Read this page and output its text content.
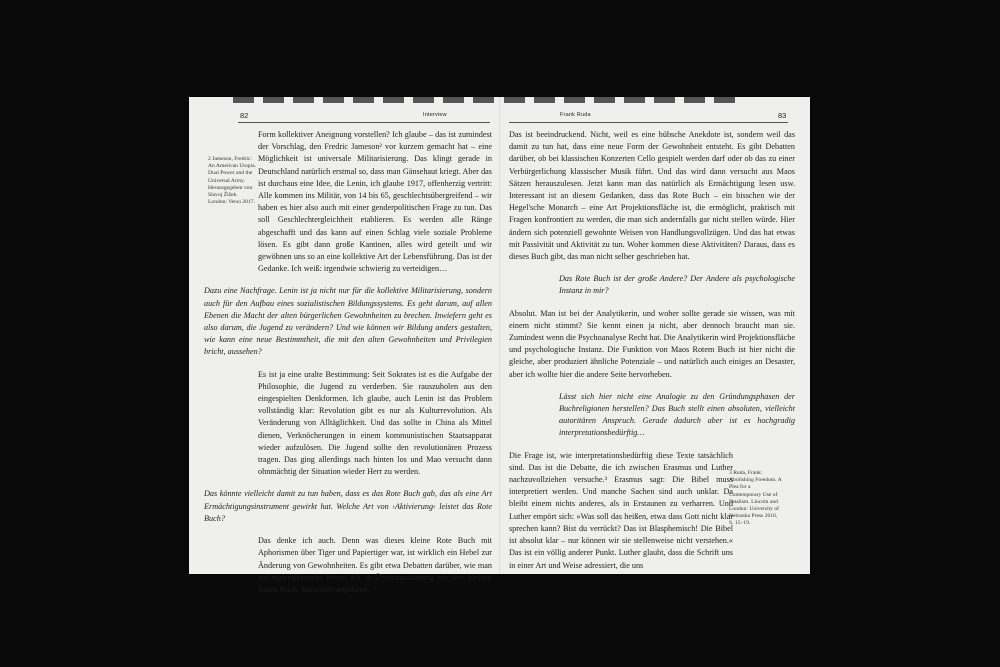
82	Interview
2 Jameson, Fredric: An American Utopia. Dual Power and the Universal Army. Herausgegeben von Slavoj Žižek. London: Verso 2017.

Form kollektiver Aneignung vorstellen? Ich glaube – das ist zumindest der Vorschlag, den Fredric Jameson² vor kurzem gemacht hat – eine Möglichkeit ist universale Militarisierung. Das klingt gerade in Deutschland natürlich erstmal so, dass man Gänsehaut kriegt. Aber das ist durchaus eine Idee, die Lenin, ich glaube 1917, offenherzig vertritt: Alle kommen ins Militär, von 14 bis 65, geschlechtsübergreifend – wir haben es hier also auch mit einer genderpolitischen Frage zu tun. Das soll Geschlechtergleichheit etablieren. Es werden alle Ränge abgeschafft und das kann auf einen Schlag viele soziale Probleme lösen. Es gibt dann große Kantinen, alles wird geteilt und wir gewöhnen uns so an eine kollektive Art der Lebensführung. Das ist der Gedanke. Ich weiß: irgendwie schwierig zu verteidigen…

Dazu eine Nachfrage. Lenin ist ja nicht nur für die kollektive Militarisierung, sondern auch für den Aufbau eines sozialistischen Bildungssystems. Es geht darum, auf allen Ebenen die Macht der alten bürgerlichen Gewohnheiten zu brechen. Inwiefern geht es also darum, die Jugend zu verändern? Und wie können wir Bildung anders gestalten, wie kann eine neue Bestimmtheit, die mit den alten Gewohnheiten und Privilegien bricht, aussehen?

Es ist ja eine uralte Bestimmung: Seit Sokrates ist es die Aufgabe der Philosophie, die Jugend zu verderben. Sie rauszuholen aus den eingespielten Denkformen. Ich glaube, auch Lenin ist das Problem vollständig klar: Revolution gibt es nur als Kulturrevolution. Als Veränderung von Alltäglichkeit. Und das sollte in China als Mittel dienen, Verknöcherungen in einem kommunistischen Staatsapparat wieder aufzulösen. Die Jugend sollte den revolutionären Prozess tragen. Das ging allerdings nach hinten los und Mao versucht dann ohnmächtig der Situation wieder Herr zu werden.

Das könnte vielleicht damit zu tun haben, dass es das Rote Buch gab, das als eine Art Ermächtigungsinstrument gewirkt hat. Welche Art von ›Aktivierung‹ leistet das Rote Buch?

Das denke ich auch. Denn was dieses kleine Rote Buch mit Aphorismen über Tiger und Papiertiger war, ist wirklich ein Hebel zur Änderung von Gewohnheiten. Es gibt etwa Debatten darüber, wie man auf materialistische Weise, d.h. in Übereinstimmung mit dem kleinen Roten Buch, Kartoffeln anpflanzt.

83
Frank Ruda
3 Ruda, Frank: Abolishing Freedom. A Plea for a Contemporary Use of Fatalism. Lincoln and London: University of Nebraska Press 2016, S. 15–19.

Das ist beeindruckend. Nicht, weil es eine hübsche Anekdote ist, sondern weil das damit zu tun hat, dass eine neue Form der Gewohnheit entsteht. Es gibt Debatten darüber, ob bei klassischen Konzerten Cello gespielt werden darf oder ob das zu einer Verbürgerlichung klassischer Musik führt. Und das wird dann versucht aus Maos Sätzen herauszulesen. Jetzt kann man das natürlich als Ermächtigung lesen usw. Interessant ist an diesem Gedanken, dass das Rote Buch – ein bisschen wie der Hegel'sche Monarch – eine Art Projektionsfläche ist, die ermöglicht, praktisch mit Fragen konfrontiert zu werden, die man sich andernfalls gar nicht stellen würde. Hier ändern sich potenziell gewohnte Weisen von Handlungsvollzügen. Und das hat etwas mit Passivität und Aktivität zu tun. Woher kommen diese Aktivitäten? Daraus, dass es dieses Buch gibt, das man nicht selber geschrieben hat.

Das Rote Buch ist der große Andere? Der Andere als psychologische Instanz in mir?

Absolut. Man ist bei der Analytikerin, und woher sollte gerade sie wissen, was mit einem nicht stimmt? Sie kennt einen ja nicht, aber dennoch braucht man sie. Zumindest wenn die Psychoanalyse Recht hat. Die Analytikerin wird Projektionsfläche und psychologische Instanz. Die Funktion von Maos Rotem Buch ist hier nicht die gleiche, aber produziert ähnliche Potenziale – und natürlich auch einiges an Desaster, aber ich wollte hier die andere Seite hervorheben.

Lässt sich hier nicht eine Analogie zu den Gründungsphasen der Buchreligionen herstellen? Das Buch stellt einen absoluten, vielleicht autoritären Anspruch. Gerade dadurch aber ist es hochgradig interpretationsbedürftig…

Die Frage ist, wie interpretationsbedürftig diese Texte tatsächlich sind. Das ist die Debatte, die ich zwischen Erasmus und Luther nachzuvollziehen versuche.³ Erasmus sagt: Die Bibel muss interpretiert werden. Und manche Sachen sind auch unklar. Da bleibt einem nichts anderes, als in Erstaunen zu verharren. Und Luther empört sich: »Was soll das heißen, etwa dass Gott nicht klar sprechen kann? Bist du verrückt? Das ist Blasphemisch! Die Bibel ist absolut klar – nur können wir sie stellenweise nicht verstehen.« Das ist ein völlig anderer Punkt. Luther glaubt, dass die Schrift uns in einer Art und Weise adressiert, die uns
